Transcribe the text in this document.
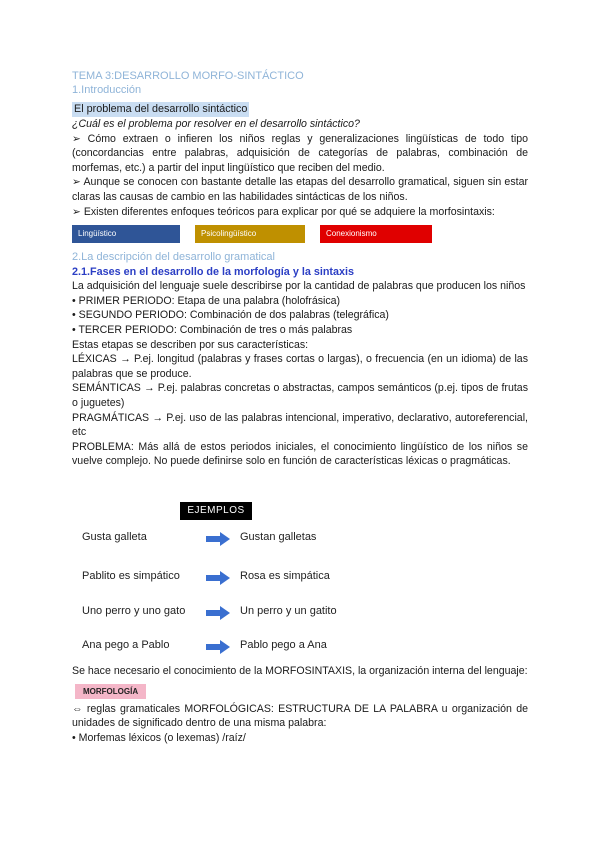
TEMA 3:DESARROLLO MORFO-SINTÁCTICO
1.Introducción
El problema del desarrollo sintáctico
¿Cuál es el problema por resolver en el desarrollo sintáctico?
➢ Cómo extraen o infieren los niños reglas y generalizaciones lingüísticas de todo tipo (concordancias entre palabras, adquisición de categorías de palabras, combinación de morfemas, etc.) a partir del input lingüístico que reciben del medio.
➢ Aunque se conocen con bastante detalle las etapas del desarrollo gramatical, siguen sin estar claras las causas de cambio en las habilidades sintácticas de los niños.
➢ Existen diferentes enfoques teóricos para explicar por qué se adquiere la morfosintaxis:
Lingüístico	Psicolingüístico	Conexionismo
2.La descripción del desarrollo gramatical
2.1.Fases en el desarrollo de la morfología y la sintaxis
La adquisición del lenguaje suele describirse por la cantidad de palabras que producen los niños
• PRIMER PERIODO: Etapa de una palabra (holofrásica)
• SEGUNDO PERIODO: Combinación de dos palabras (telegráfica)
• TERCER PERIODO: Combinación de tres o más palabras
Estas etapas se describen por sus características:
LÉXICAS → P.ej. longitud (palabras y frases cortas o largas), o frecuencia (en un idioma) de las palabras que se produce.
SEMÁNTICAS → P.ej. palabras concretas o abstractas, campos semánticos (p.ej. tipos de frutas o juguetes)
PRAGMÁTICAS → P.ej. uso de las palabras intencional, imperativo, declarativo, autoreferencial, etc
PROBLEMA: Más allá de estos periodos iniciales, el conocimiento lingüístico de los niños se vuelve complejo. No puede definirse solo en función de características léxicas o pragmáticas.
EJEMPLOS
Gusta galleta	Gustan galletas
Pablito es simpático	Rosa es simpática
Uno perro y uno gato	Un perro y un gatito
Ana pego a Pablo	Pablo pego a Ana
Se hace necesario el conocimiento de la MORFOSINTAXIS, la organización interna del lenguaje:
MORFOLOGÍA
⇔ reglas gramaticales MORFOLÓGICAS: ESTRUCTURA DE LA PALABRA u organización de unidades de significado dentro de una misma palabra:
• Morfemas léxicos (o lexemas) /raíz/
